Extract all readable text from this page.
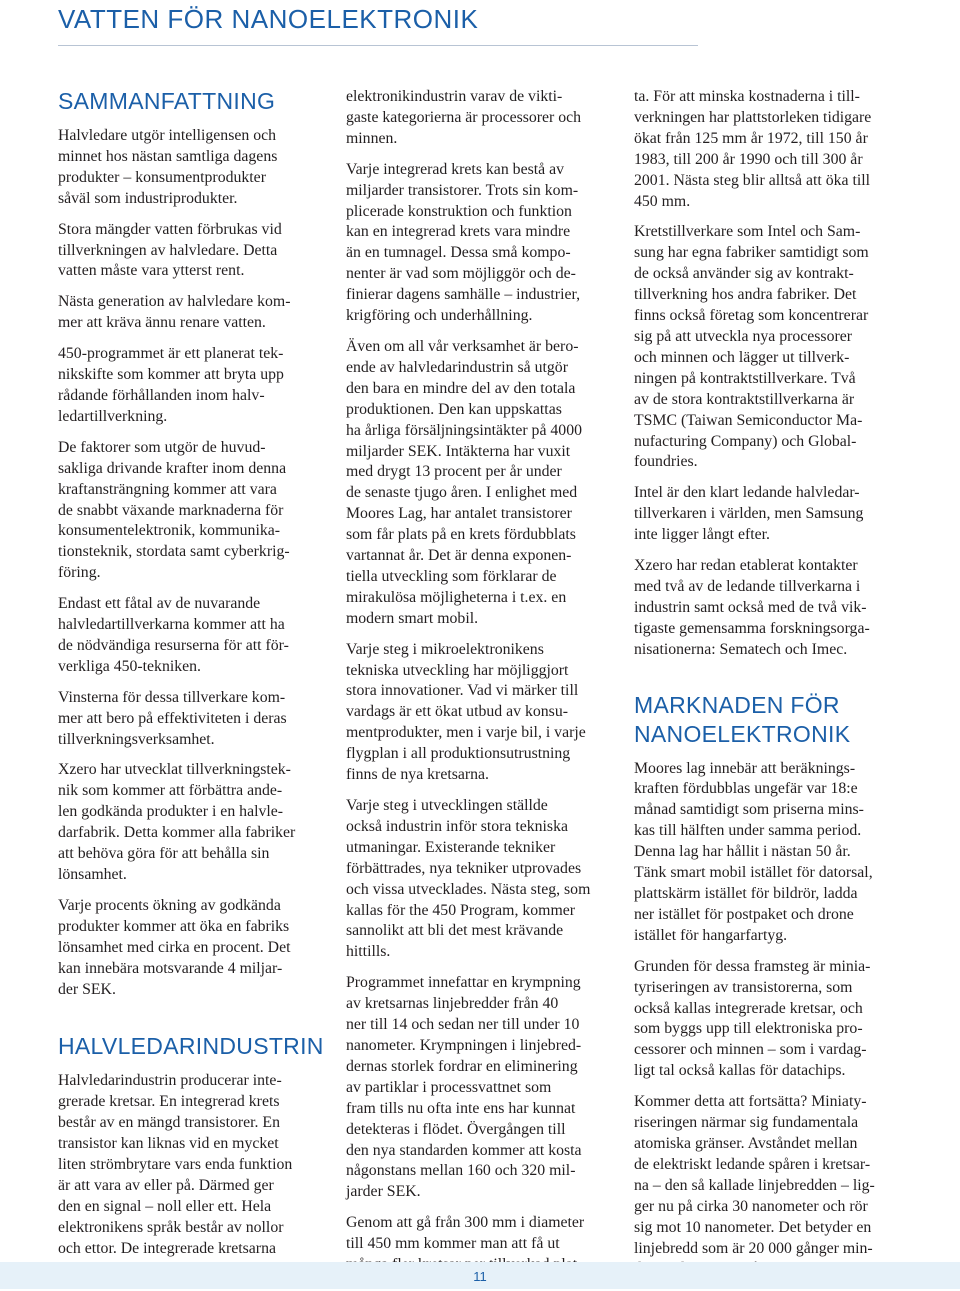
VATTEN FÖR NANOELEKTRONIK
SAMMANFATTNING

Halvledare utgör intelligensen och
minnet hos nästan samtliga dagens
produkter – konsumentprodukter
såväl som industriprodukter.

Stora mängder vatten förbrukas vid
tillverkningen av halvledare. Detta
vatten måste vara ytterst rent.

Nästa generation av halvledare kom-
mer att kräva ännu renare vatten.

450-programmet är ett planerat tek-
nikskifte som kommer att bryta upp
rådande förhållanden inom halv-
ledartillverkning.

De faktorer som utgör de huvud-
sakliga drivande krafter inom denna
kraftansträngning kommer att vara
de snabbt växande marknaderna för
konsumentelektronik, kommunika-
tionsteknik, stordata samt cyberkrig-
föring.

Endast ett fåtal av de nuvarande
halvledartillverkarna kommer att ha
de nödvändiga resurserna för att för-
verkliga 450-tekniken.

Vinsterna för dessa tillverkare kom-
mer att bero på effektiviteten i deras
tillverkningsverksamhet.

Xzero har utvecklat tillverkningstek-
nik som kommer att förbättra ande-
len godkända produkter i en halvle-
darfabrik. Detta kommer alla fabriker
att behöva göra för att behålla sin
lönsamhet.

Varje procents ökning av godkända
produkter kommer att öka en fabriks
lönsamhet med cirka en procent. Det
kan innebära motsvarande 4 miljar-
der SEK.

HALVLEDARINDUSTRIN

Halvledarindustrin producerar inte-
grerade kretsar. En integrerad krets
består av en mängd transistorer. En
transistor kan liknas vid en mycket
liten strömbrytare vars enda funktion
är att vara av eller på. Därmed ger
den en signal – noll eller ett. Hela
elektronikens språk består av nollor
och ettor. De integrerade kretsarna

elektronikindustrin varav de vikti-
gaste kategorierna är processorer och
minnen.

Varje integrerad krets kan bestå av
miljarder transistorer. Trots sin kom-
plicerade konstruktion och funktion
kan en integrerad krets vara mindre
än en tumnagel. Dessa små kompo-
nenter är vad som möjliggör och de-
finierar dagens samhälle – industrier,
krigföring och underhållning.

Även om all vår verksamhet är bero-
ende av halvledarindustrin så utgör
den bara en mindre del av den totala
produktionen. Den kan uppskattas
ha årliga försäljningsintäkter på 4000
miljarder SEK. Intäkterna har vuxit
med drygt 13 procent per år under
de senaste tjugo åren. I enlighet med
Moores Lag, har antalet transistorer
som får plats på en krets fördubblats
vartannat år. Det är denna exponen-
tiella utveckling som förklarar de
mirakulösa möjligheterna i t.ex. en
modern smart mobil.

Varje steg i mikroelektronikens
tekniska utveckling har möjliggjort
stora innovationer. Vad vi märker till
vardags är ett ökat utbud av konsu-
mentprodukter, men i varje bil, i varje
flygplan i all produktionsutrustning
finns de nya kretsarna.

Varje steg i utvecklingen ställde
också industrin inför stora tekniska
utmaningar. Existerande tekniker
förbättrades, nya tekniker utprovades
och vissa utvecklades. Nästa steg, som
kallas för the 450 Program, kommer
sannolikt att bli det mest krävande
hittills.

Programmet innefattar en krympning
av kretsarnas linjebredder från 40
ner till 14 och sedan ner till under 10
nanometer. Krympningen i linjebred-
dernas storlek fordrar en eliminering
av partiklar i processvattnet som
fram tills nu ofta inte ens har kunnat
detekteras i flödet. Övergången till
den nya standarden kommer att kosta
någonstans mellan 160 och 320 mil-
jarder SEK.

Genom att gå från 300 mm i diameter
till 450 mm kommer man att få ut

ta. För att minska kostnaderna i till-
verkningen har plattstorleken tidigare
ökat från 125 mm år 1972, till 150 år
1983, till 200 år 1990 och till 300 år
2001. Nästa steg blir alltså att öka till
450 mm.

Kretstillverkare som Intel och Sam-
sung har egna fabriker samtidigt som
de också använder sig av kontrakt-
tillverkning hos andra fabriker. Det
finns också företag som koncentrerar
sig på att utveckla nya processorer
och minnen och lägger ut tillverk-
ningen på kontraktstillverkare. Två
av de stora kontraktstillverkarna är
TSMC (Taiwan Semiconductor Ma-
nufacturing Company) och Global-
foundries.

Intel är den klart ledande halvledar-
tillverkaren i världen, men Samsung
inte ligger långt efter.

Xzero har redan etablerat kontakter
med två av de ledande tillverkarna i
industrin samt också med de två vik-
tigaste gemensamma forskningsorga-
nisationerna: Sematech och Imec.

MARKNADEN FÖR
NANOELEKTRONIK

Moores lag innebär att beräknings-
kraften fördubblas ungefär var 18:e
månad samtidigt som priserna mins-
kas till hälften under samma period.
Denna lag har hållit i nästan 50 år.
Tänk smart mobil istället för datorsal,
plattskärm istället för bildrör, ladda
ner istället för postpaket och drone
istället för hangarfartyg.

Grunden för dessa framsteg är minia-
tyriseringen av transistorerna, som
också kallas integrerade kretsar, och
som byggs upp till elektroniska pro-
cessorer och minnen – som i vardag-
ligt tal också kallas för datachips.

Kommer detta att fortsätta? Miniaty-
riseringen närmar sig fundamentala
atomiska gränser. Avståndet mellan
de elektriskt ledande spåren i kretsar-
na – den så kallade linjebredden – lig-
ger nu på cirka 30 nanometer och rör
sig mot 10 nanometer. Det betyder en
linjebredd som är 20 000 gånger min-

11
